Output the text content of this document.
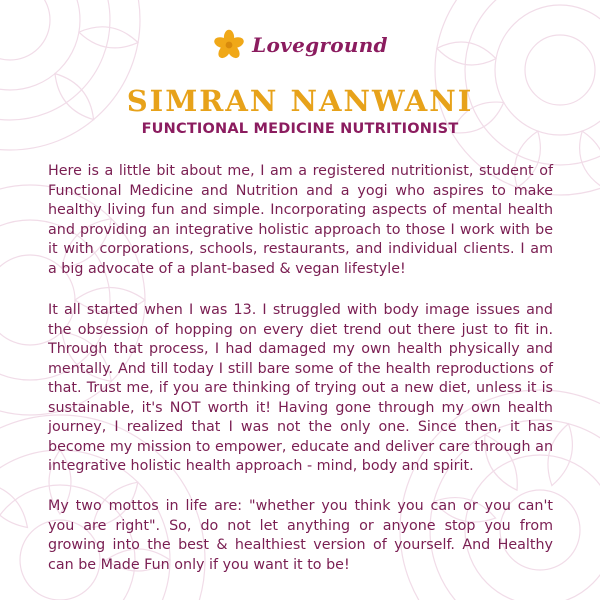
Loveground
SIMRAN NANWANI
FUNCTIONAL MEDICINE NUTRITIONIST

Here is a little bit about me, I am a registered nutritionist, student of Functional Medicine and Nutrition and a yogi who aspires to make healthy living fun and simple. Incorporating aspects of mental health and providing an integrative holistic approach to those I work with be it with corporations, schools, restaurants, and individual clients. I am a big advocate of a plant-based & vegan lifestyle!

It all started when I was 13. I struggled with body image issues and the obsession of hopping on every diet trend out there just to fit in. Through that process, I had damaged my own health physically and mentally. And till today I still bare some of the health reproductions of that. Trust me, if you are thinking of trying out a new diet, unless it is sustainable, it's NOT worth it! Having gone through my own health journey, I realized that I was not the only one. Since then, it has become my mission to empower, educate and deliver care through an integrative holistic health approach - mind, body and spirit.

My two mottos in life are: "whether you think you can or you can't you are right". So, do not let anything or anyone stop you from growing into the best & healthiest version of yourself. And Healthy can be Made Fun only if you want it to be!
